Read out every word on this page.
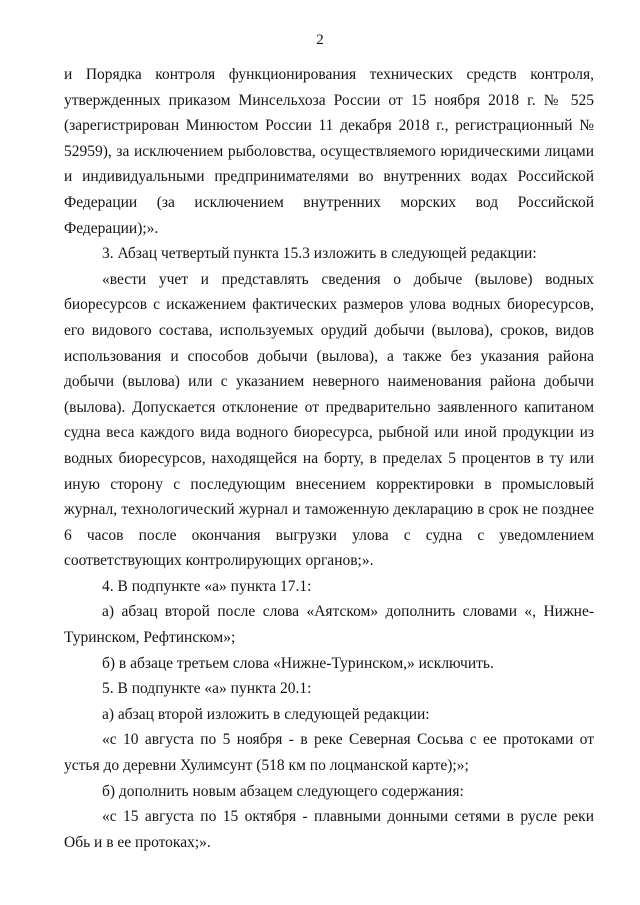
2

и Порядка контроля функционирования технических средств контроля, утвержденных приказом Минсельхоза России от 15 ноября 2018 г. № 525 (зарегистрирован Минюстом России 11 декабря 2018 г., регистрационный № 52959), за исключением рыболовства, осуществляемого юридическими лицами и индивидуальными предпринимателями во внутренних водах Российской Федерации (за исключением внутренних морских вод Российской Федерации);».

3. Абзац четвертый пункта 15.3 изложить в следующей редакции:

«вести учет и представлять сведения о добыче (вылове) водных биоресурсов с искажением фактических размеров улова водных биоресурсов, его видового состава, используемых орудий добычи (вылова), сроков, видов использования и способов добычи (вылова), а также без указания района добычи (вылова) или с указанием неверного наименования района добычи (вылова). Допускается отклонение от предварительно заявленного капитаном судна веса каждого вида водного биоресурса, рыбной или иной продукции из водных биоресурсов, находящейся на борту, в пределах 5 процентов в ту или иную сторону с последующим внесением корректировки в промысловый журнал, технологический журнал и таможенную декларацию в срок не позднее 6 часов после окончания выгрузки улова с судна с уведомлением соответствующих контролирующих органов;».

4. В подпункте «а» пункта 17.1:

а) абзац второй после слова «Аятском» дополнить словами «, Нижне-Туринском, Рефтинском»;

б) в абзаце третьем слова «Нижне-Туринском,» исключить.

5. В подпункте «а» пункта 20.1:

а) абзац второй изложить в следующей редакции:

«с 10 августа по 5 ноября - в реке Северная Сосьва с ее протоками от устья до деревни Хулимсунт (518 км по лоцманской карте);»;

б) дополнить новым абзацем следующего содержания:

«с 15 августа по 15 октября - плавными донными сетями в русле реки Обь и в ее протоках;».
